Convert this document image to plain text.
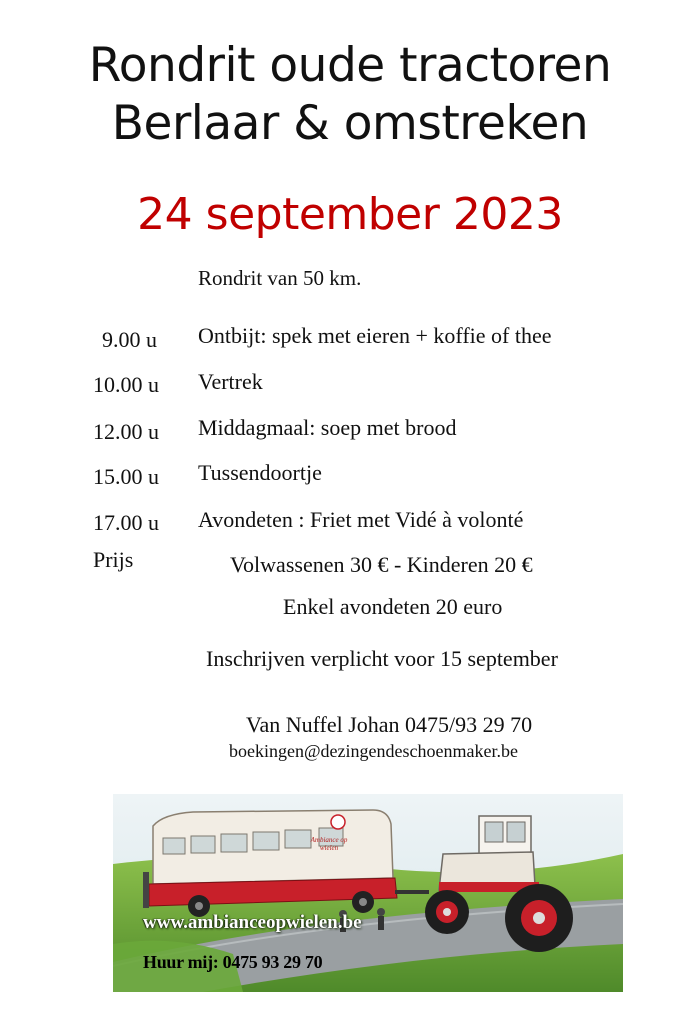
Rondrit oude tractoren
Berlaar & omstreken
24 september 2023
Rondrit van 50 km.
9.00 u Ontbijt: spek met eieren + koffie of thee
10.00 u Vertrek
12.00 u Middagmaal: soep met brood
15.00 u Tussendoortje
17.00 u Avondeten : Friet met Vidé à volonté
Prijs	Volwassenen 30 € - Kinderen 20 €
Enkel avondeten 20 euro
Inschrijven verplicht voor 15 september
Van Nuffel Johan 0475/93 29 70
boekingen@dezingendeschoenmaker.be
Ambiance op wielen
www.ambianceopwielen.be
Huur mij: 0475 93 29 70
